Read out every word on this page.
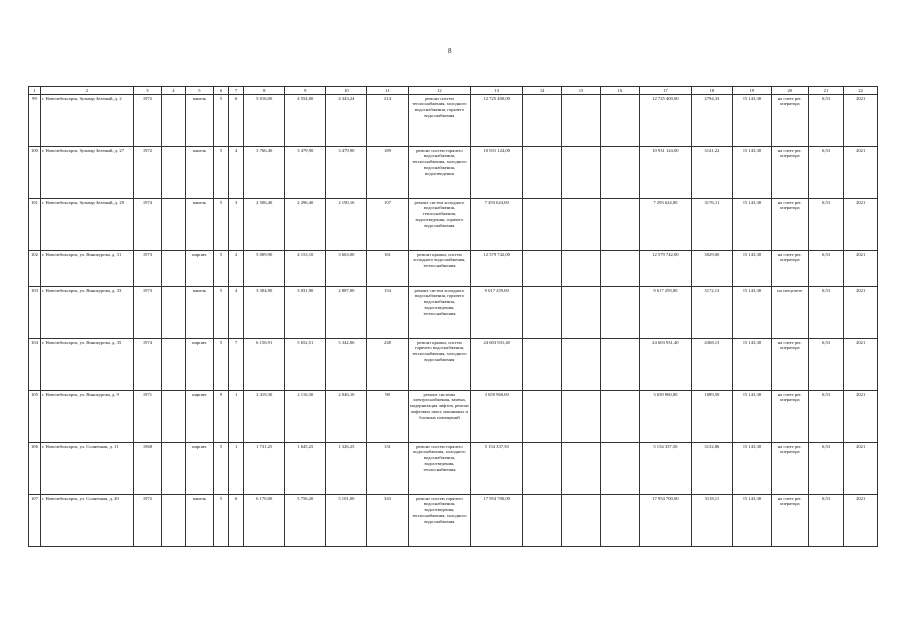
8
1	2	3	4	5	6	7	8	9	10	11	12	13	14	15	16	17	18	19	20	21	22
99	г. Новочебоксарск, бульвар Зеленый, д. 2	1972		панель	5	6	5 016,00	4 554,00	4 343,24	214	ремонт систем теплоснабжения, холодного водоснабжения, горячего водоснабжения	12 725 400,00				12 725 400,00	2794,33	15 143,38	на счете рег. оператора	6,53	2021
100	г. Новочебоксарск, бульвар Зеленый, д. 27	1972		панель	5	4	3 766,40	3 479,90	3 479,90	189	ремонт систем горячего водоснабжения, теплоснабжения, холодного водоснабжения, водоотведения	10 931 124,00				10 931 124,00	3141,22	15 143,38	на счете рег. оператора	6,53	2021
101	г. Новочебоксарск, бульвар Зеленый, д. 29	1974		панель	5	3	2 506,40	2 296,40	2 190,16	107	ремонт систем холодного водоснабжения, теплоснабжения, водоотведения, горячего водоснабжения	7 293 624,00				7 293 624,00	3176,11	15 143,38	на счете рег. оператора	6,53	2021
102	г. Новочебоксарск, ул. Винокурова, д. 31	1973		кирпич	5	2	5 009,90	4 153,10	3 663,00	161	ремонт крыши, систем холодного водоснабжения, теплоснабжения	12 579 742,00				12 579 742,00	3029,00	15 143,38	на счете рег. оператора	6,53	2021
103	г. Новочебоксарск, ул. Винокурова, д. 33	1973		панель	5	4	3 304,90	3 031,90	2 887,00	154	ремонт систем холодного водоснабжения, горячего водоснабжения, водоотведения, теплоснабжения	9 617 259,00				9 617 259,00	3172,13	15 143,38	на спецсчете	6,53	2021
104	г. Новочебоксарск, ул. Винокурова, д. 35	1974		кирпич	5	7	6 156,91	5 652,51	5 342,06	248	ремонт крыши, систем горячего водоснабжения, теплоснабжения, холодного водоснабжения	24 603 931,40				24 603 931,40	4368,13	15 143,38	на счете рег. оператора	6,53	2021
105	г. Новочебоксарск, ул. Винокурова, д. 9	1971		кирпич	9	1	2 419,30	2 116,30	2 046,10	98	ремонт системы электроснабжения, замена, модернизация лифтов, ремонт лифтовых шахт, машинных и блочных помещений	3 659 960,00				3 659 960,00	1089,50	15 143,38	на счете рег. оператора	6,53	2021
106	г. Новочебоксарск, ул. Солнечная, д. 11	1968		кирпич	5	1	1 731,25	1 645,25	1 326,25	131	ремонт систем горячего водоснабжения, холодного водоснабжения, водоотведения, теплоснабжения	5 154 337,50				5 154 337,50	3132,86	15 143,38	на счете рег. оператора	6,53	2021
107	г. Новочебоксарск, ул. Солнечная, д. 20	1972		панель	5	6	6 170,00	5 756,20	5 101,00	343	ремонт систем горячего водоснабжения, водоотведения, теплоснабжения, холодного водоснабжения	17 954 700,00				17 954 700,00	3118,11	15 143,38	на счете рег. оператора	6,53	2021
